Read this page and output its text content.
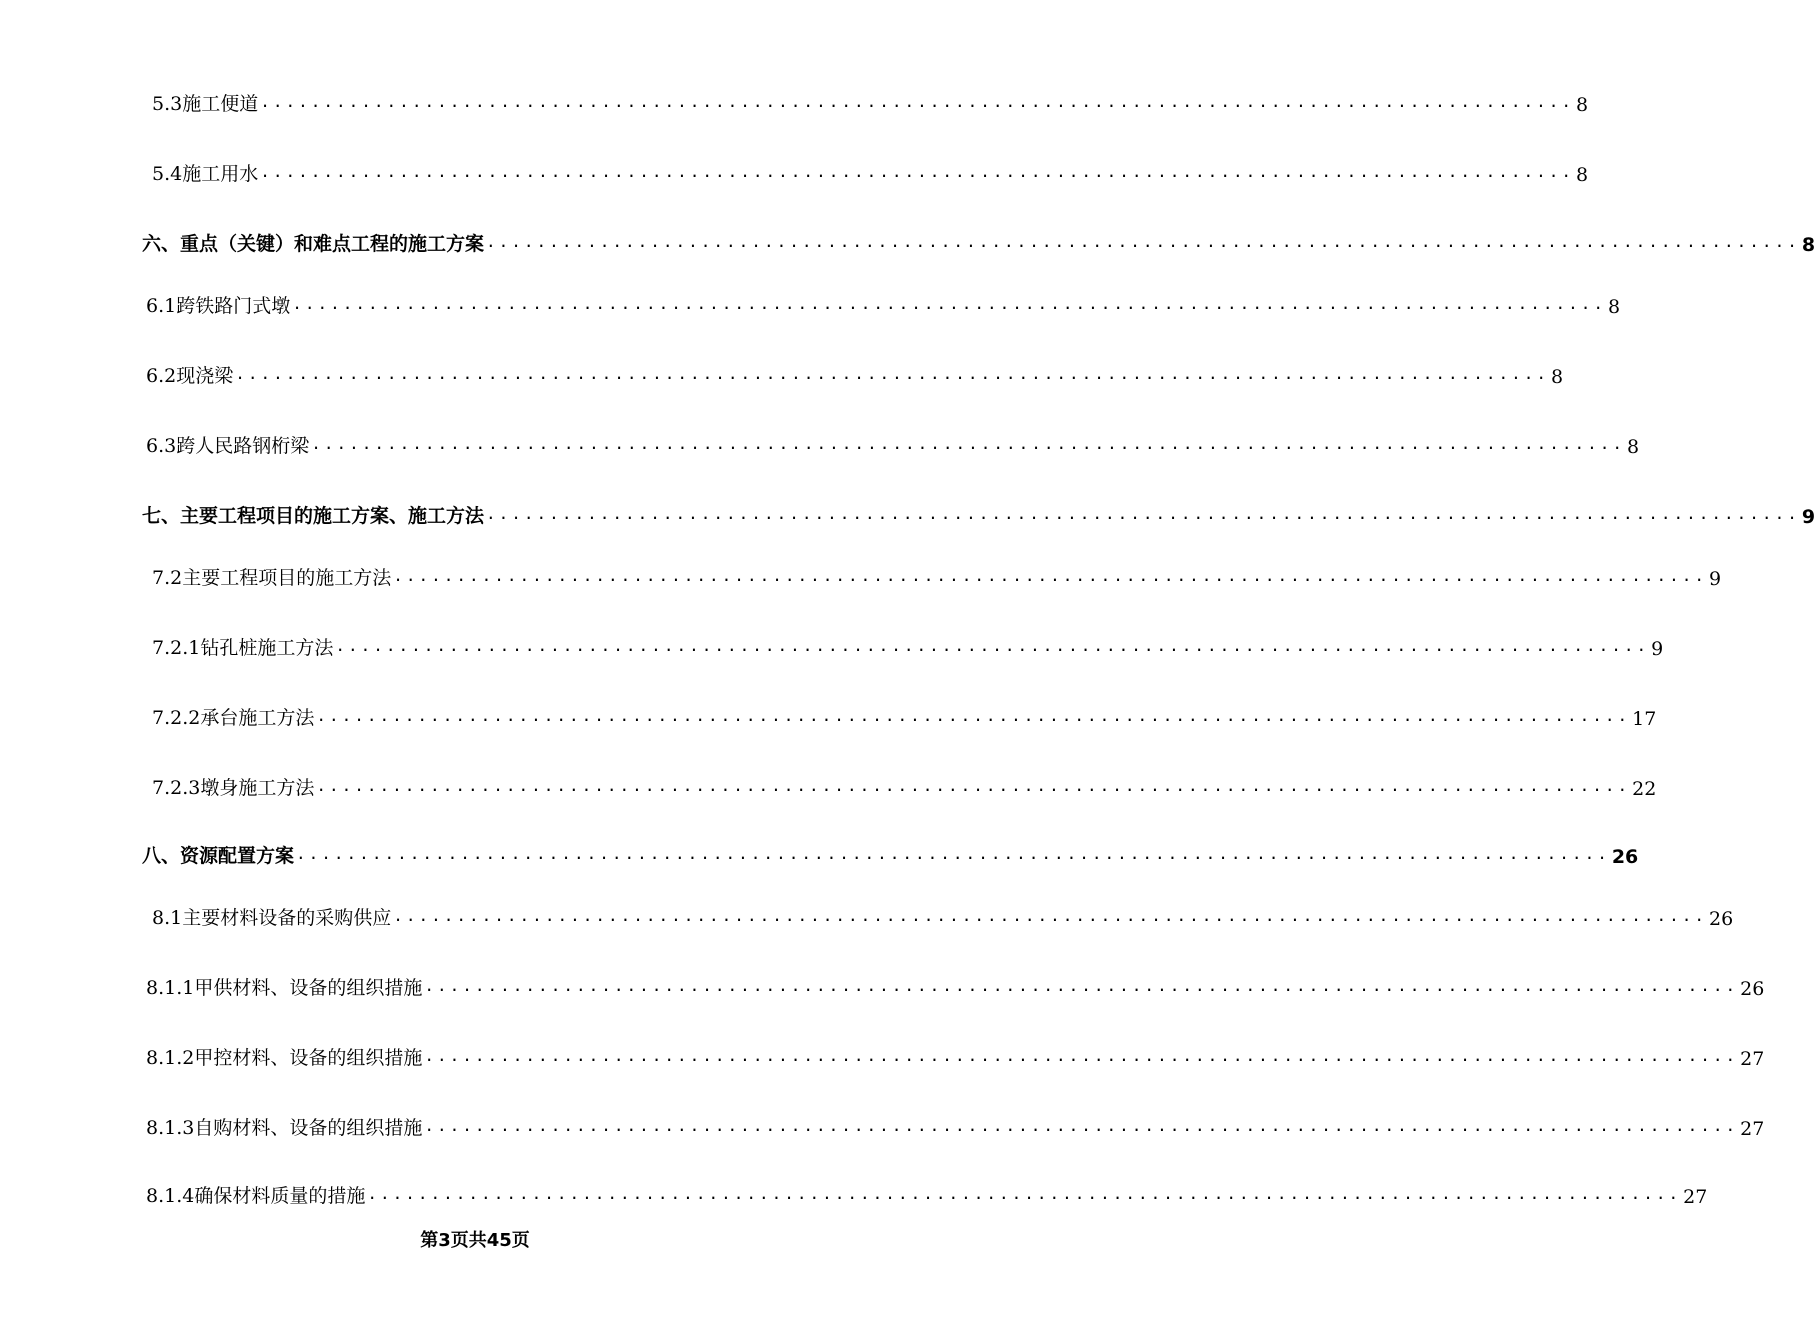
5.3施工便道 ........................................................................................................ 8
5.4施工用水 ........................................................................................................ 8
六、重点（关键）和难点工程的施工方案 ........................................................................................................ 8
6.1跨铁路门式墩 ........................................................................................................ 8
6.2现浇梁 ........................................................................................................ 8
6.3跨人民路钢桁梁 ........................................................................................................ 8
七、主要工程项目的施工方案、施工方法 ........................................................................................................ 9
7.2主要工程项目的施工方法 ........................................................................................................ 9
7.2.1钻孔桩施工方法 ........................................................................................................ 9
7.2.2承台施工方法 ........................................................................................................ 17
7.2.3墩身施工方法 ........................................................................................................ 22
八、资源配置方案 ........................................................................................................ 26
8.1主要材料设备的采购供应 ........................................................................................................ 26
8.1.1甲供材料、设备的组织措施 ........................................................................................................ 26
8.1.2甲控材料、设备的组织措施 ........................................................................................................ 27
8.1.3自购材料、设备的组织措施 ........................................................................................................ 27
8.1.4确保材料质量的措施 ........................................................................................................ 27
第3页共45页
